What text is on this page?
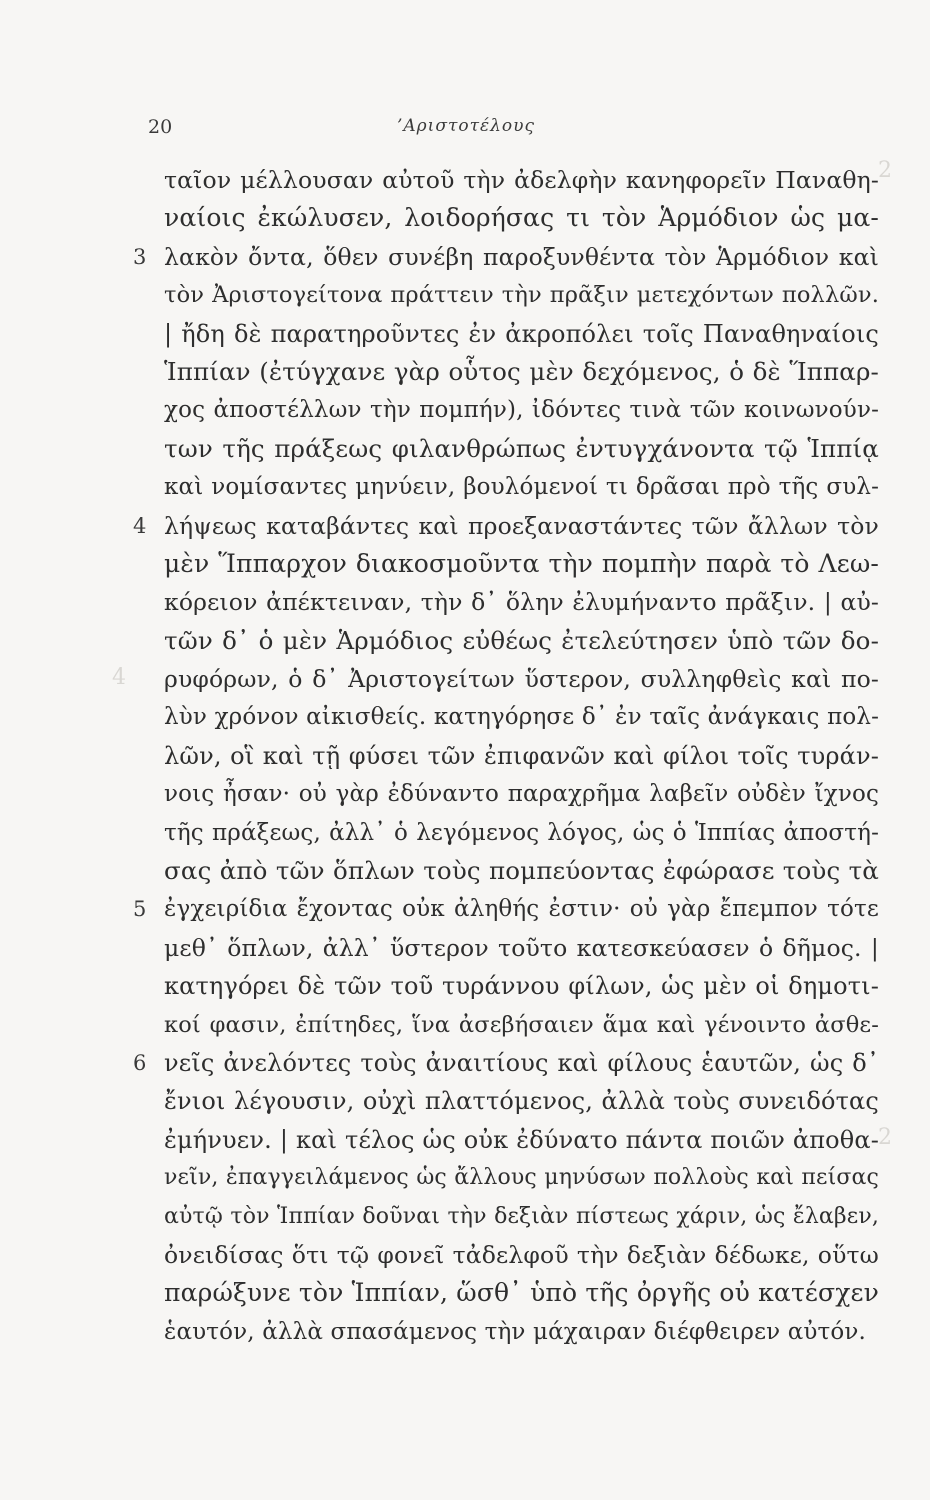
2
4
2
20	’Αριστοτέλους
ταῖον μέλλουσαν αὐτοῦ τὴν ἀδελφὴν κανηφορεῖν Παναθη-
ναίοις ἐκώλυσεν, λοιδορήσας τι τὸν Ἁρμόδιον ὡς μα-
3 λακὸν ὄντα, ὅθεν συνέβη παροξυνθέντα τὸν Ἁρμόδιον καὶ
τὸν Ἀριστογείτονα πράττειν τὴν πρᾶξιν μετεχόντων πολλῶν.
| ἤδη δὲ παρατηροῦντες ἐν ἀκροπόλει τοῖς Παναθηναίοις
Ἱππίαν (ἐτύγχανε γὰρ οὗτος μὲν δεχόμενος, ὁ δὲ Ἵππαρ-
χος ἀποστέλλων τὴν πομπήν), ἰδόντες τινὰ τῶν κοινωνούν-
των τῆς πράξεως φιλανθρώπως ἐντυγχάνοντα τῷ Ἱππίᾳ
καὶ νομίσαντες μηνύειν, βουλόμενοί τι δρᾶσαι πρὸ τῆς συλ-
4 λήψεως καταβάντες καὶ προεξαναστάντες τῶν ἄλλων τὸν
μὲν Ἵππαρχον διακοσμοῦντα τὴν πομπὴν παρὰ τὸ Λεω-
κόρειον ἀπέκτειναν, τὴν δ᾽ ὅλην ἐλυμήναντο πρᾶξιν. | αὐ-
τῶν δ᾽ ὁ μὲν Ἁρμόδιος εὐθέως ἐτελεύτησεν ὑπὸ τῶν δο-
ρυφόρων, ὁ δ᾽ Ἀριστογείτων ὕστερον, συλληφθεὶς καὶ πο-
λὺν χρόνον αἰκισθείς. κατηγόρησε δ᾽ ἐν ταῖς ἀνάγκαις πολ-
λῶν, οἳ καὶ τῇ φύσει τῶν ἐπιφανῶν καὶ φίλοι τοῖς τυράν-
νοις ἦσαν· οὐ γὰρ ἐδύναντο παραχρῆμα λαβεῖν οὐδὲν ἴχνος
τῆς πράξεως, ἀλλ᾽ ὁ λεγόμενος λόγος, ὡς ὁ Ἱππίας ἀποστή-
σας ἀπὸ τῶν ὅπλων τοὺς πομπεύοντας ἐφώρασε τοὺς τὰ
5 ἐγχειρίδια ἔχοντας οὐκ ἀληθής ἐστιν· οὐ γὰρ ἔπεμπον τότε
μεθ᾽ ὅπλων, ἀλλ᾽ ὕστερον τοῦτο κατεσκεύασεν ὁ δῆμος. |
κατηγόρει δὲ τῶν τοῦ τυράννου φίλων, ὡς μὲν οἱ δημοτι-
κοί φασιν, ἐπίτηδες, ἵνα ἀσεβήσαιεν ἅμα καὶ γένοιντο ἀσθε-
6 νεῖς ἀνελόντες τοὺς ἀναιτίους καὶ φίλους ἑαυτῶν, ὡς δ᾽
ἔνιοι λέγουσιν, οὐχὶ πλαττόμενος, ἀλλὰ τοὺς συνειδότας
ἐμήνυεν. | καὶ τέλος ὡς οὐκ ἐδύνατο πάντα ποιῶν ἀποθα-
νεῖν, ἐπαγγειλάμενος ὡς ἄλλους μηνύσων πολλοὺς καὶ πείσας
αὐτῷ τὸν Ἱππίαν δοῦναι τὴν δεξιὰν πίστεως χάριν, ὡς ἔλαβεν,
ὀνειδίσας ὅτι τῷ φονεῖ τἀδελφοῦ τὴν δεξιὰν δέδωκε, οὕτω
παρώξυνε τὸν Ἱππίαν, ὥσθ᾽ ὑπὸ τῆς ὀργῆς οὐ κατέσχεν
ἑαυτόν, ἀλλὰ σπασάμενος τὴν μάχαιραν διέφθειρεν αὐτόν.
